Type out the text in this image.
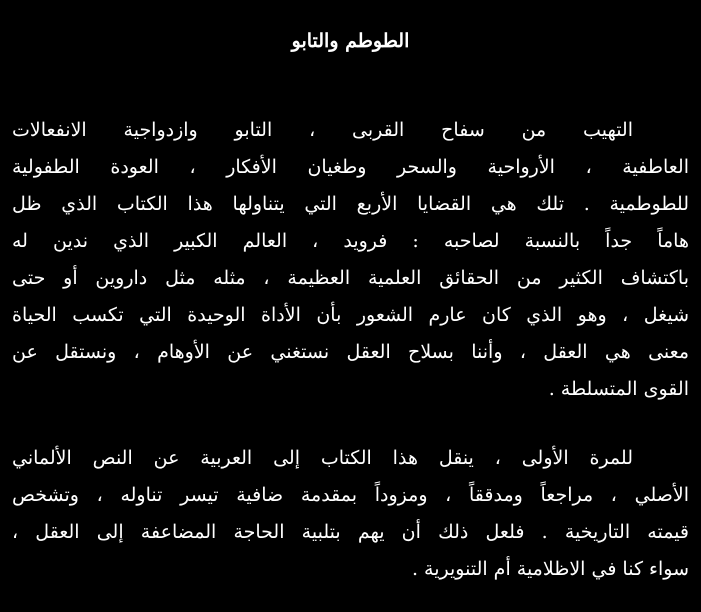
الطوطم والتابو
التهيب من سفاح القربى ، التابو وازدواجية الانفعالات
العاطفية ، الأرواحية والسحر وطغيان الأفكار ، العودة الطفولية
للطوطمية . تلك هي القضايا الأربع التي يتناولها هذا الكتاب الذي ظل
هاماً جداً بالنسبة لصاحبه : فرويد ، العالم الكبير الذي ندين له
باكتشاف الكثير من الحقائق العلمية العظيمة ، مثله مثل داروين أو حتى
شيغل ، وهو الذي كان عارم الشعور بأن الأداة الوحيدة التي تكسب الحياة
معنى هي العقل ، وأننا بسلاح العقل نستغني عن الأوهام ، ونستقل عن
القوى المتسلطة .
للمرة الأولى ، ينقل هذا الكتاب إلى العربية عن النص الألماني
الأصلي ، مراجعاً ومدققاً ، ومزوداً بمقدمة ضافية تيسر تناوله ، وتشخص
قيمته التاريخية . فلعل ذلك أن يهم بتلبية الحاجة المضاعفة إلى العقل ،
سواء كنا في الاظلامية أم التنويرية .
